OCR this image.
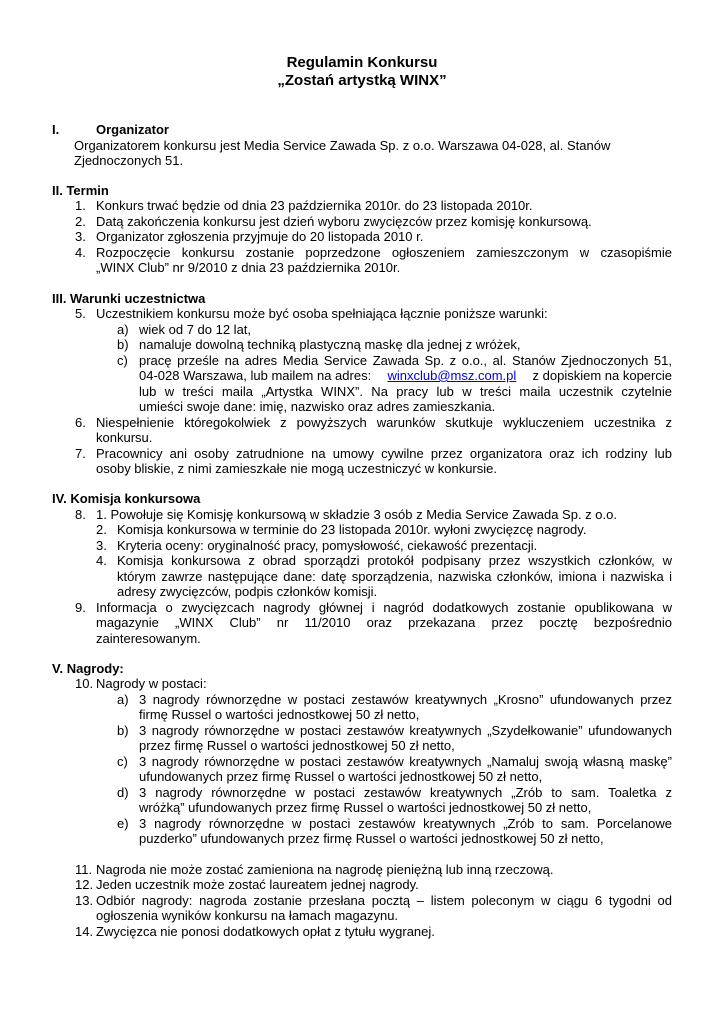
Regulamin Konkursu
„Zostań artystką WINX”
I.	Organizator
Organizatorem konkursu jest Media Service Zawada Sp. z o.o. Warszawa 04-028, al. Stanów
Zjednoczonych 51.
II. Termin
1. Konkurs trwać będzie od dnia 23 października 2010r. do 23 listopada 2010r.
2. Datą zakończenia konkursu jest dzień wyboru zwycięzców przez komisję konkursową.
3. Organizator zgłoszenia przyjmuje do 20 listopada 2010 r.
4. Rozpoczęcie konkursu zostanie poprzedzone ogłoszeniem zamieszczonym w czasopiśmie
„WINX Club” nr 9/2010 z dnia 23 października 2010r.
III. Warunki uczestnictwa
5. Uczestnikiem konkursu może być osoba spełniająca łącznie poniższe warunki:
a) wiek od 7 do 12 lat,
b) namaluje dowolną techniką plastyczną maskę dla jednej z wróżek,
c) pracę prześle na adres Media Service Zawada Sp. z o.o., al. Stanów Zjednoczonych 51,
04-028 Warszawa, lub mailem na adres: winxclub@msz.com.pl z dopiskiem na kopercie
lub w treści maila „Artystka WINX”. Na pracy lub w treści maila uczestnik czytelnie
umieści swoje dane: imię, nazwisko oraz adres zamieszkania.
6. Niespełnienie któregokolwiek z powyższych warunków skutkuje wykluczeniem uczestnika z
konkursu.
7. Pracownicy ani osoby zatrudnione na umowy cywilne przez organizatora oraz ich rodziny lub
osoby bliskie, z nimi zamieszkałe nie mogą uczestniczyć w konkursie.
IV. Komisja konkursowa
8. 1. Powołuje się Komisję konkursową w składzie 3 osób z Media Service Zawada Sp. z o.o.
2. Komisja konkursowa w terminie do 23 listopada 2010r. wyłoni zwycięzcę nagrody.
3. Kryteria oceny: oryginalność pracy, pomysłowość, ciekawość prezentacji.
4. Komisja konkursowa z obrad sporządzi protokół podpisany przez wszystkich członków, w
którym zawrze następujące dane: datę sporządzenia, nazwiska członków, imiona i nazwiska i
adresy zwycięzców, podpis członków komisji.
9. Informacja o zwycięzcach nagrody głównej i nagród dodatkowych zostanie opublikowana w
magazynie „WINX Club” nr 11/2010 oraz przekazana przez pocztę bezpośrednio
zainteresowanym.
V. Nagrody:
10. Nagrody w postaci:
a) 3 nagrody równorzędne w postaci zestawów kreatywnych „Krosno” ufundowanych przez
firmę Russel o wartości jednostkowej 50 zł netto,
b) 3 nagrody równorzędne w postaci zestawów kreatywnych „Szydełkowanie” ufundowanych
przez firmę Russel o wartości jednostkowej 50 zł netto,
c) 3 nagrody równorzędne w postaci zestawów kreatywnych „Namaluj swoją własną maskę”
ufundowanych przez firmę Russel o wartości jednostkowej 50 zł netto,
d) 3 nagrody równorzędne w postaci zestawów kreatywnych „Zrób to sam. Toaletka z
wróżką” ufundowanych przez firmę Russel o wartości jednostkowej 50 zł netto,
e) 3 nagrody równorzędne w postaci zestawów kreatywnych „Zrób to sam. Porcelanowe
puzderko” ufundowanych przez firmę Russel o wartości jednostkowej 50 zł netto,
11. Nagroda nie może zostać zamieniona na nagrodę pieniężną lub inną rzeczową.
12. Jeden uczestnik może zostać laureatem jednej nagrody.
13. Odbiór nagrody: nagroda zostanie przesłana pocztą – listem poleconym w ciągu 6 tygodni od
ogłoszenia wyników konkursu na łamach magazynu.
14. Zwycięzca nie ponosi dodatkowych opłat z tytułu wygranej.
